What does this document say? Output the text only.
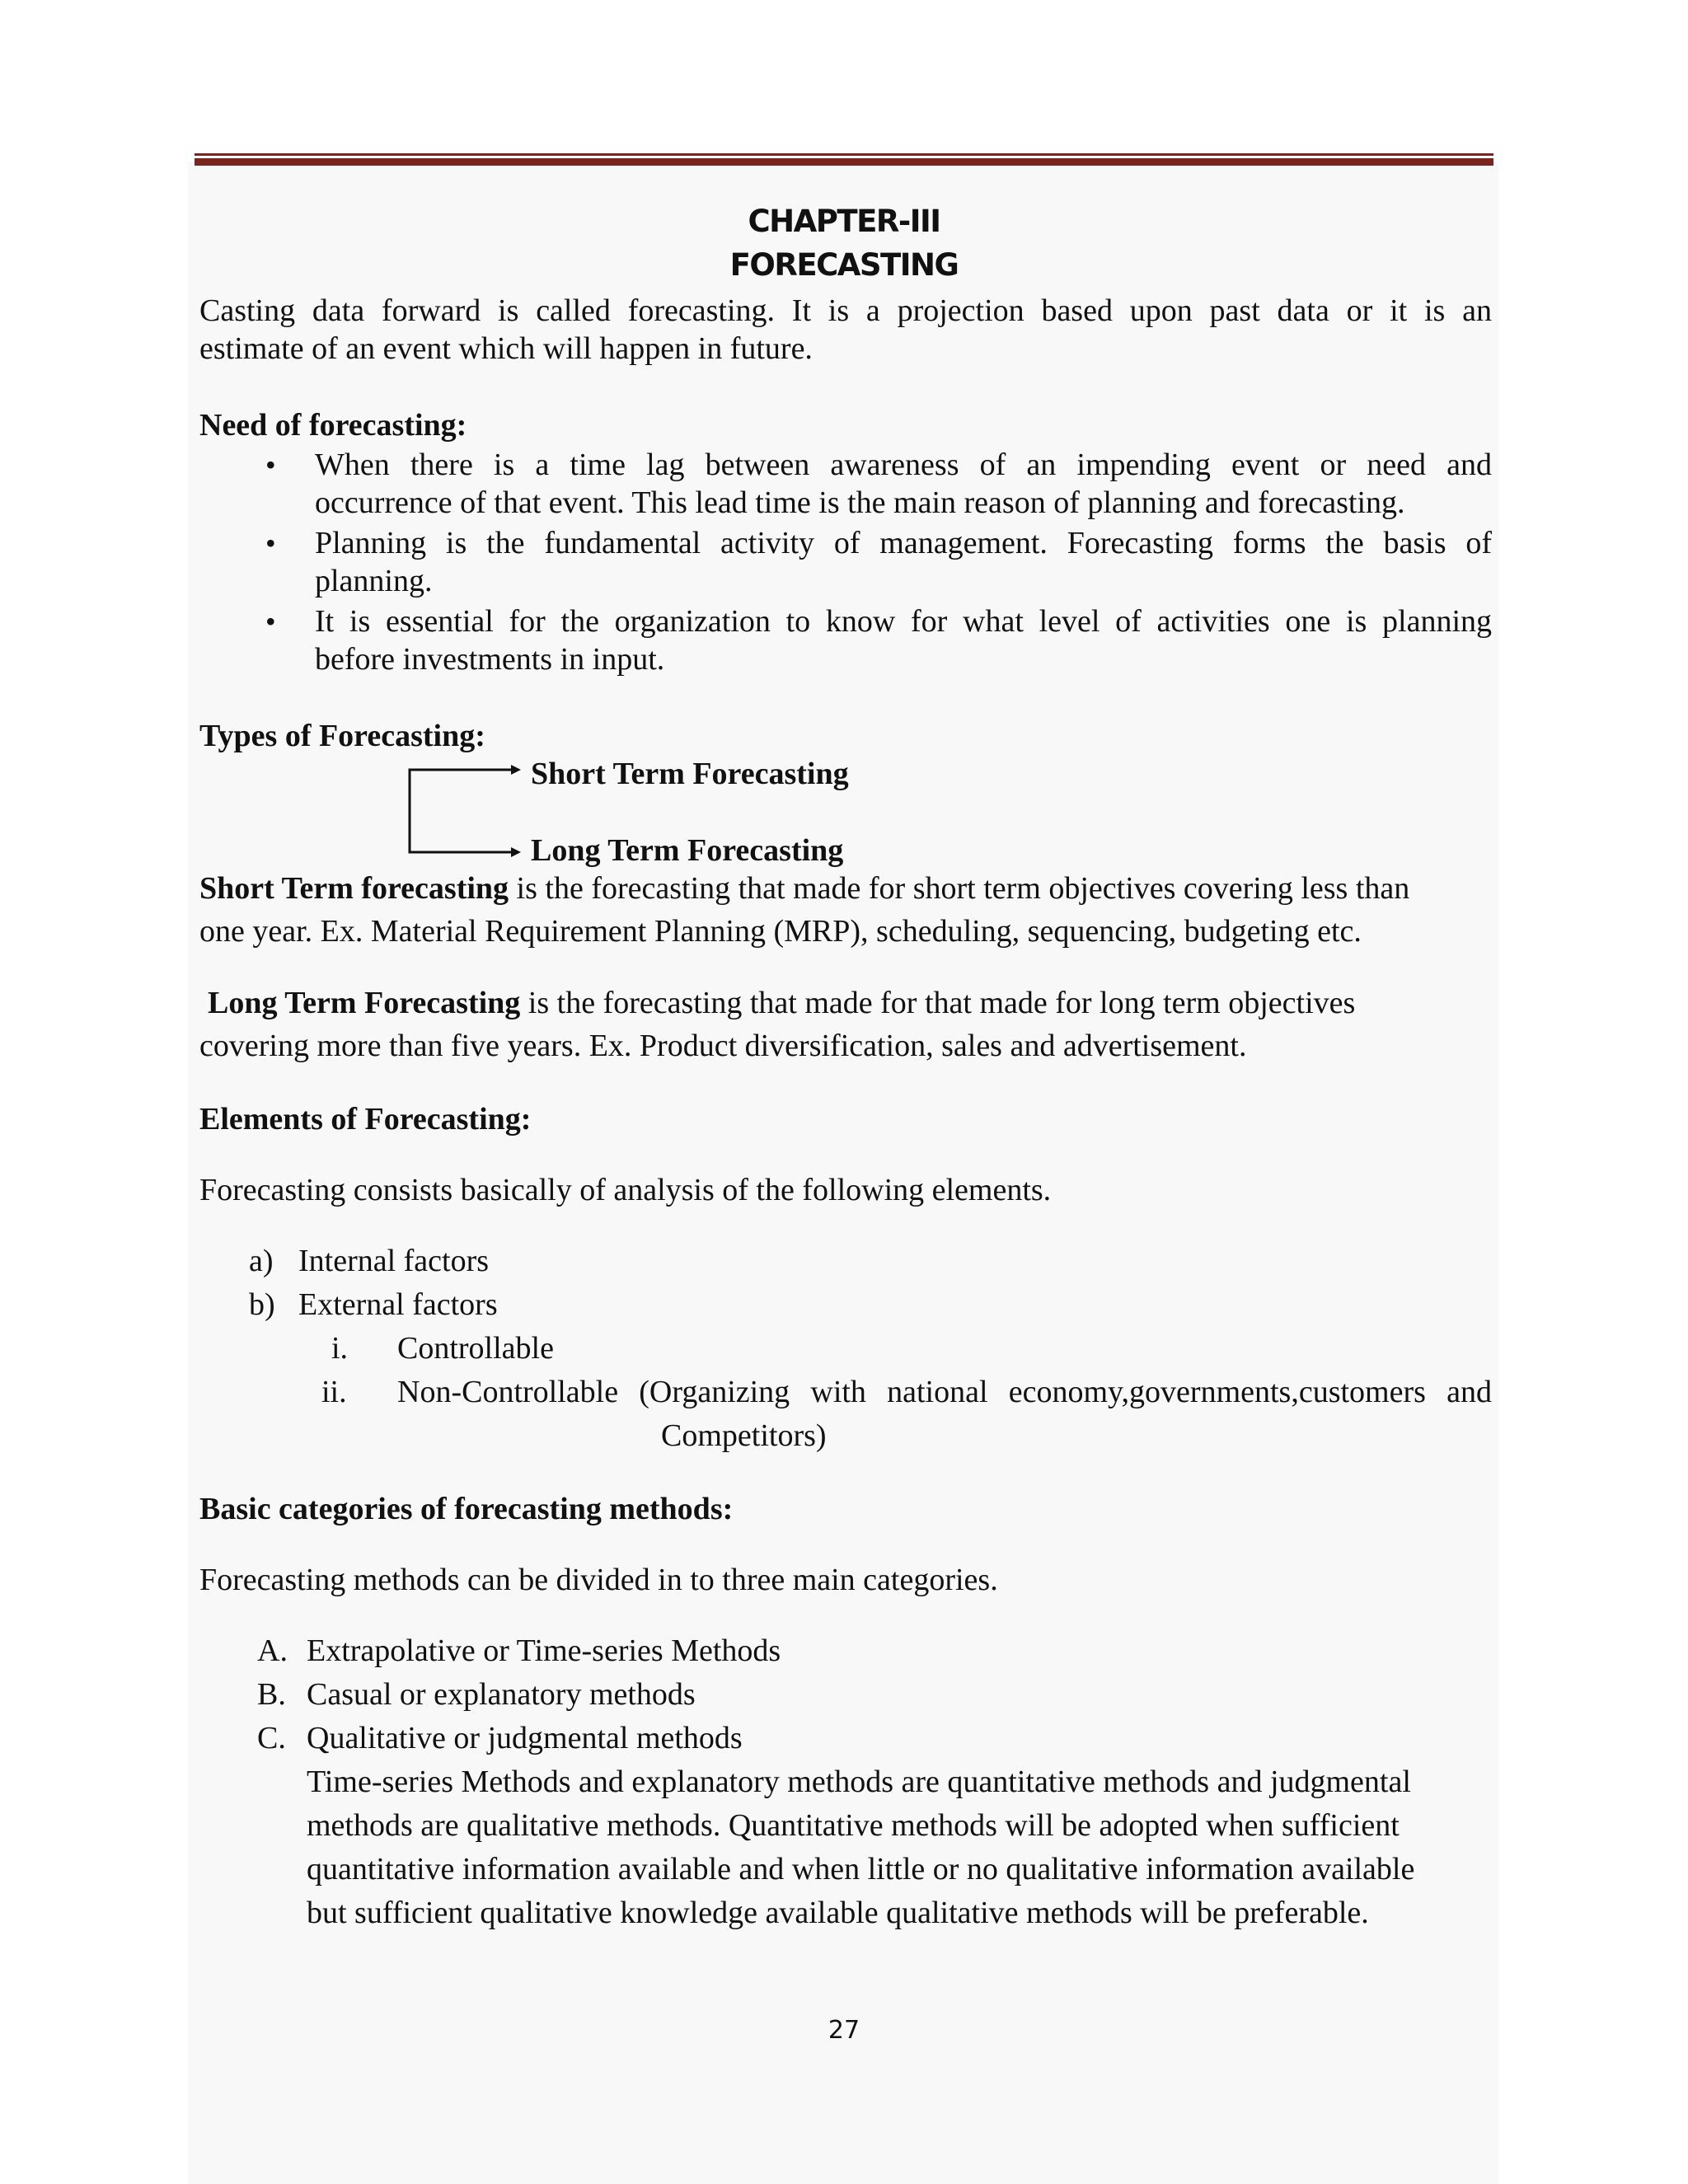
CHAPTER-III
FORECASTING

Casting data forward is called forecasting. It is a projection based upon past data or it is an

estimate of an event which will happen in future.

Need of forecasting:

• When there is a time lag between awareness of an impending event or need and

occurrence of that event. This lead time is the main reason of planning and forecasting.

• Planning is the fundamental activity of management. Forecasting forms the basis of

planning.

• It is essential for the organization to know for what level of activities one is planning

before investments in input.

Types of Forecasting:

Short Term Forecasting

Long Term Forecasting

Short Term forecasting is the forecasting that made for short term objectives covering less than

one year. Ex. Material Requirement Planning (MRP), scheduling, sequencing, budgeting etc.

Long Term Forecasting is the forecasting that made for that made for long term objectives

covering more than five years. Ex. Product diversification, sales and advertisement.

Elements of Forecasting:

Forecasting consists basically of analysis of the following elements.

a) Internal factors

b) External factors

i. Controllable

ii. Non-Controllable (Organizing with national economy,governments,customers and

Competitors)

Basic categories of forecasting methods:

Forecasting methods can be divided in to three main categories.

A. Extrapolative or Time-series Methods

B. Casual or explanatory methods

C. Qualitative or judgmental methods

Time-series Methods and explanatory methods are quantitative methods and judgmental

methods are qualitative methods. Quantitative methods will be adopted when sufficient

quantitative information available and when little or no qualitative information available

but sufficient qualitative knowledge available qualitative methods will be preferable.

27
